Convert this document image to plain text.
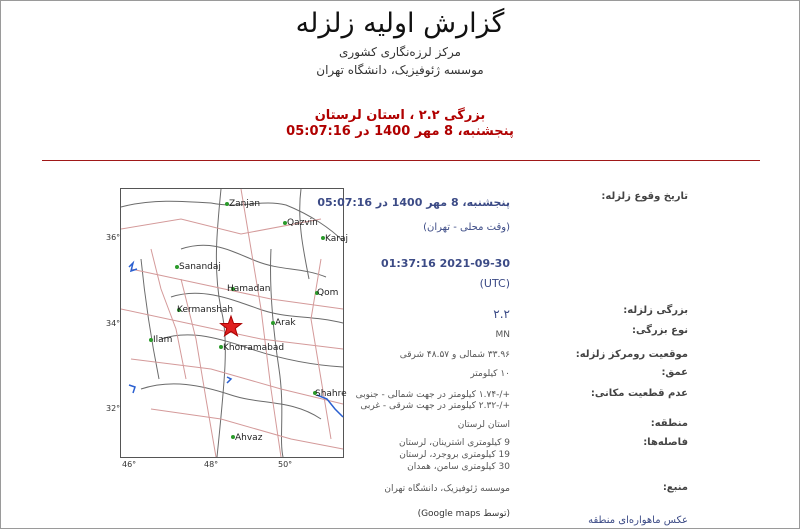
گزارش اولیه زلزله
مرکز لرزه‌نگاری کشوری
موسسه ژئوفیزیک، دانشگاه تهران
بزرگی ۲.۲ ، استان لرستان
پنجشنبه، 8 مهر 1400 در 05:07:16
Zanjan
Qazvin
Karaj
Sanandaj
Hamadan	Qom
Kermanshah
Arak
Ilam
Khorramabad
Shahre
Ahvaz
36°
34°
32°
46°	48°	50°
تاریخ وقوع زلزله:
پنجشنبه، 8 مهر 1400 در 05:07:16
(وقت محلی - تهران)
2021-09-30 01:37:16
(UTC)
بزرگی زلزله:
۲.۲
نوع بزرگی:
MN
موقعیت رومرکز زلزله:
۳۳.۹۶ شمالی و ۴۸.۵۷ شرقی
عمق:
۱۰ کیلومتر
عدم قطعیت مکانی:
+/-۱.۷۴ کیلومتر در جهت شمالی - جنوبی
+/-۲.۳۲ کیلومتر در جهت شرقی - غربی
منطقه:
استان لرستان
فاصله‌ها:
9 کیلومتری اشترینان، لرستان
19 کیلومتری بروجرد، لرستان
30 کیلومتری سامن، همدان
منبع:
موسسه ژئوفیزیک، دانشگاه تهران
عکس ماهواره‌ای منطقه
(توسط Google maps)
